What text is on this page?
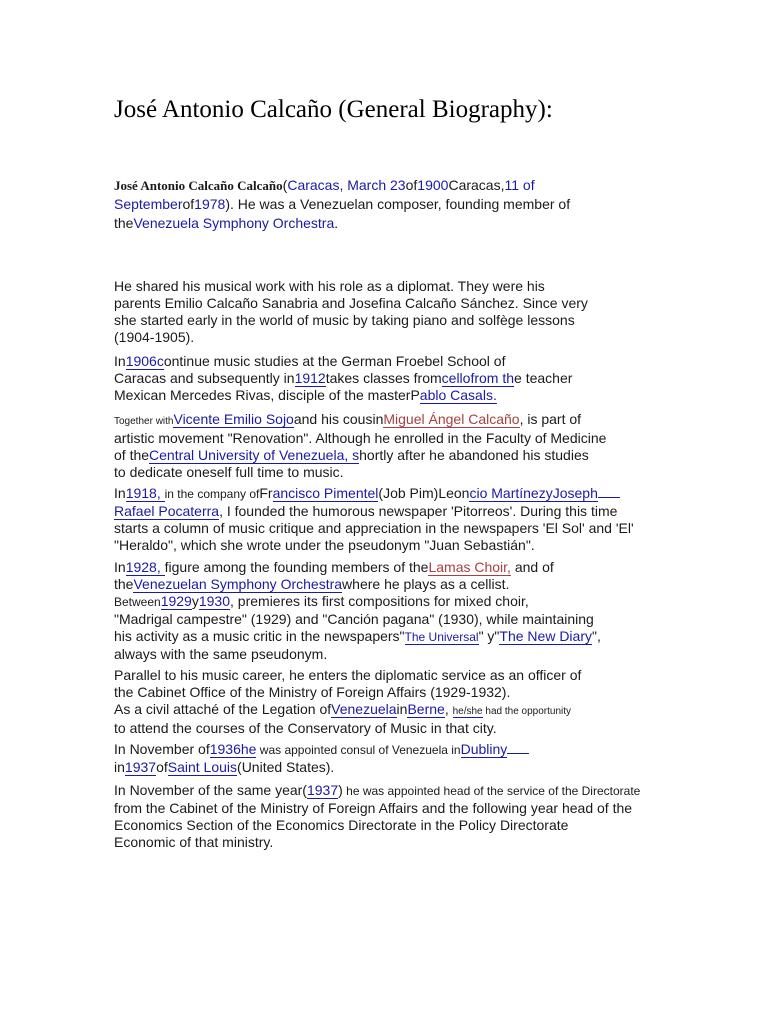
José Antonio Calcaño (General Biography):
José Antonio Calcaño Calcaño(Caracas, March 23of1900Caracas,11 of
Septemberof1978). He was a Venezuelan composer, founding member of
theVenezuela Symphony Orchestra.
He shared his musical work with his role as a diplomat. They were his
parents Emilio Calcaño Sanabria and Josefina Calcaño Sánchez. Since very
she started early in the world of music by taking piano and solfège lessons
(1904-1905).
In1906continue music studies at the German Froebel School of
Caracas and subsequently in1912takes classes fromcellofrom the teacher
Mexican Mercedes Rivas, disciple of the masterPablo Casals.
Together withVicente Emilio Sojoand his cousinMiguel Ángel Calcaño, is part of
artistic movement "Renovation". Although he enrolled in the Faculty of Medicine
of theCentral University of Venezuela, shortly after he abandoned his studies
to dedicate oneself full time to music.
In1918, in the company ofFrancisco Pimentel(Job Pim)Leoncio MartínezyJoseph
Rafael Pocaterra, I founded the humorous newspaper 'Pitorreos'. During this time
starts a column of music critique and appreciation in the newspapers 'El Sol' and 'El'
"Heraldo", which she wrote under the pseudonym "Juan Sebastián".
In1928, figure among the founding members of theLamas Choir, and of
theVenezuelan Symphony Orchestrawhere he plays as a cellist.
Between1929y1930, premieres its first compositions for mixed choir,
"Madrigal campestre" (1929) and "Canción pagana" (1930), while maintaining
his activity as a music critic in the newspapers"The Universal" y"The New Diary",
always with the same pseudonym.
Parallel to his music career, he enters the diplomatic service as an officer of
the Cabinet Office of the Ministry of Foreign Affairs (1929-1932).
As a civil attaché of the Legation ofVenezuelainBerne, he/she had the opportunity
to attend the courses of the Conservatory of Music in that city.
In November of1936he was appointed consul of Venezuela inDubliny
in1937ofSaint Louis(United States).
In November of the same year(1937) he was appointed head of the service of the Directorate
from the Cabinet of the Ministry of Foreign Affairs and the following year head of the
Economics Section of the Economics Directorate in the Policy Directorate
Economic of that ministry.
